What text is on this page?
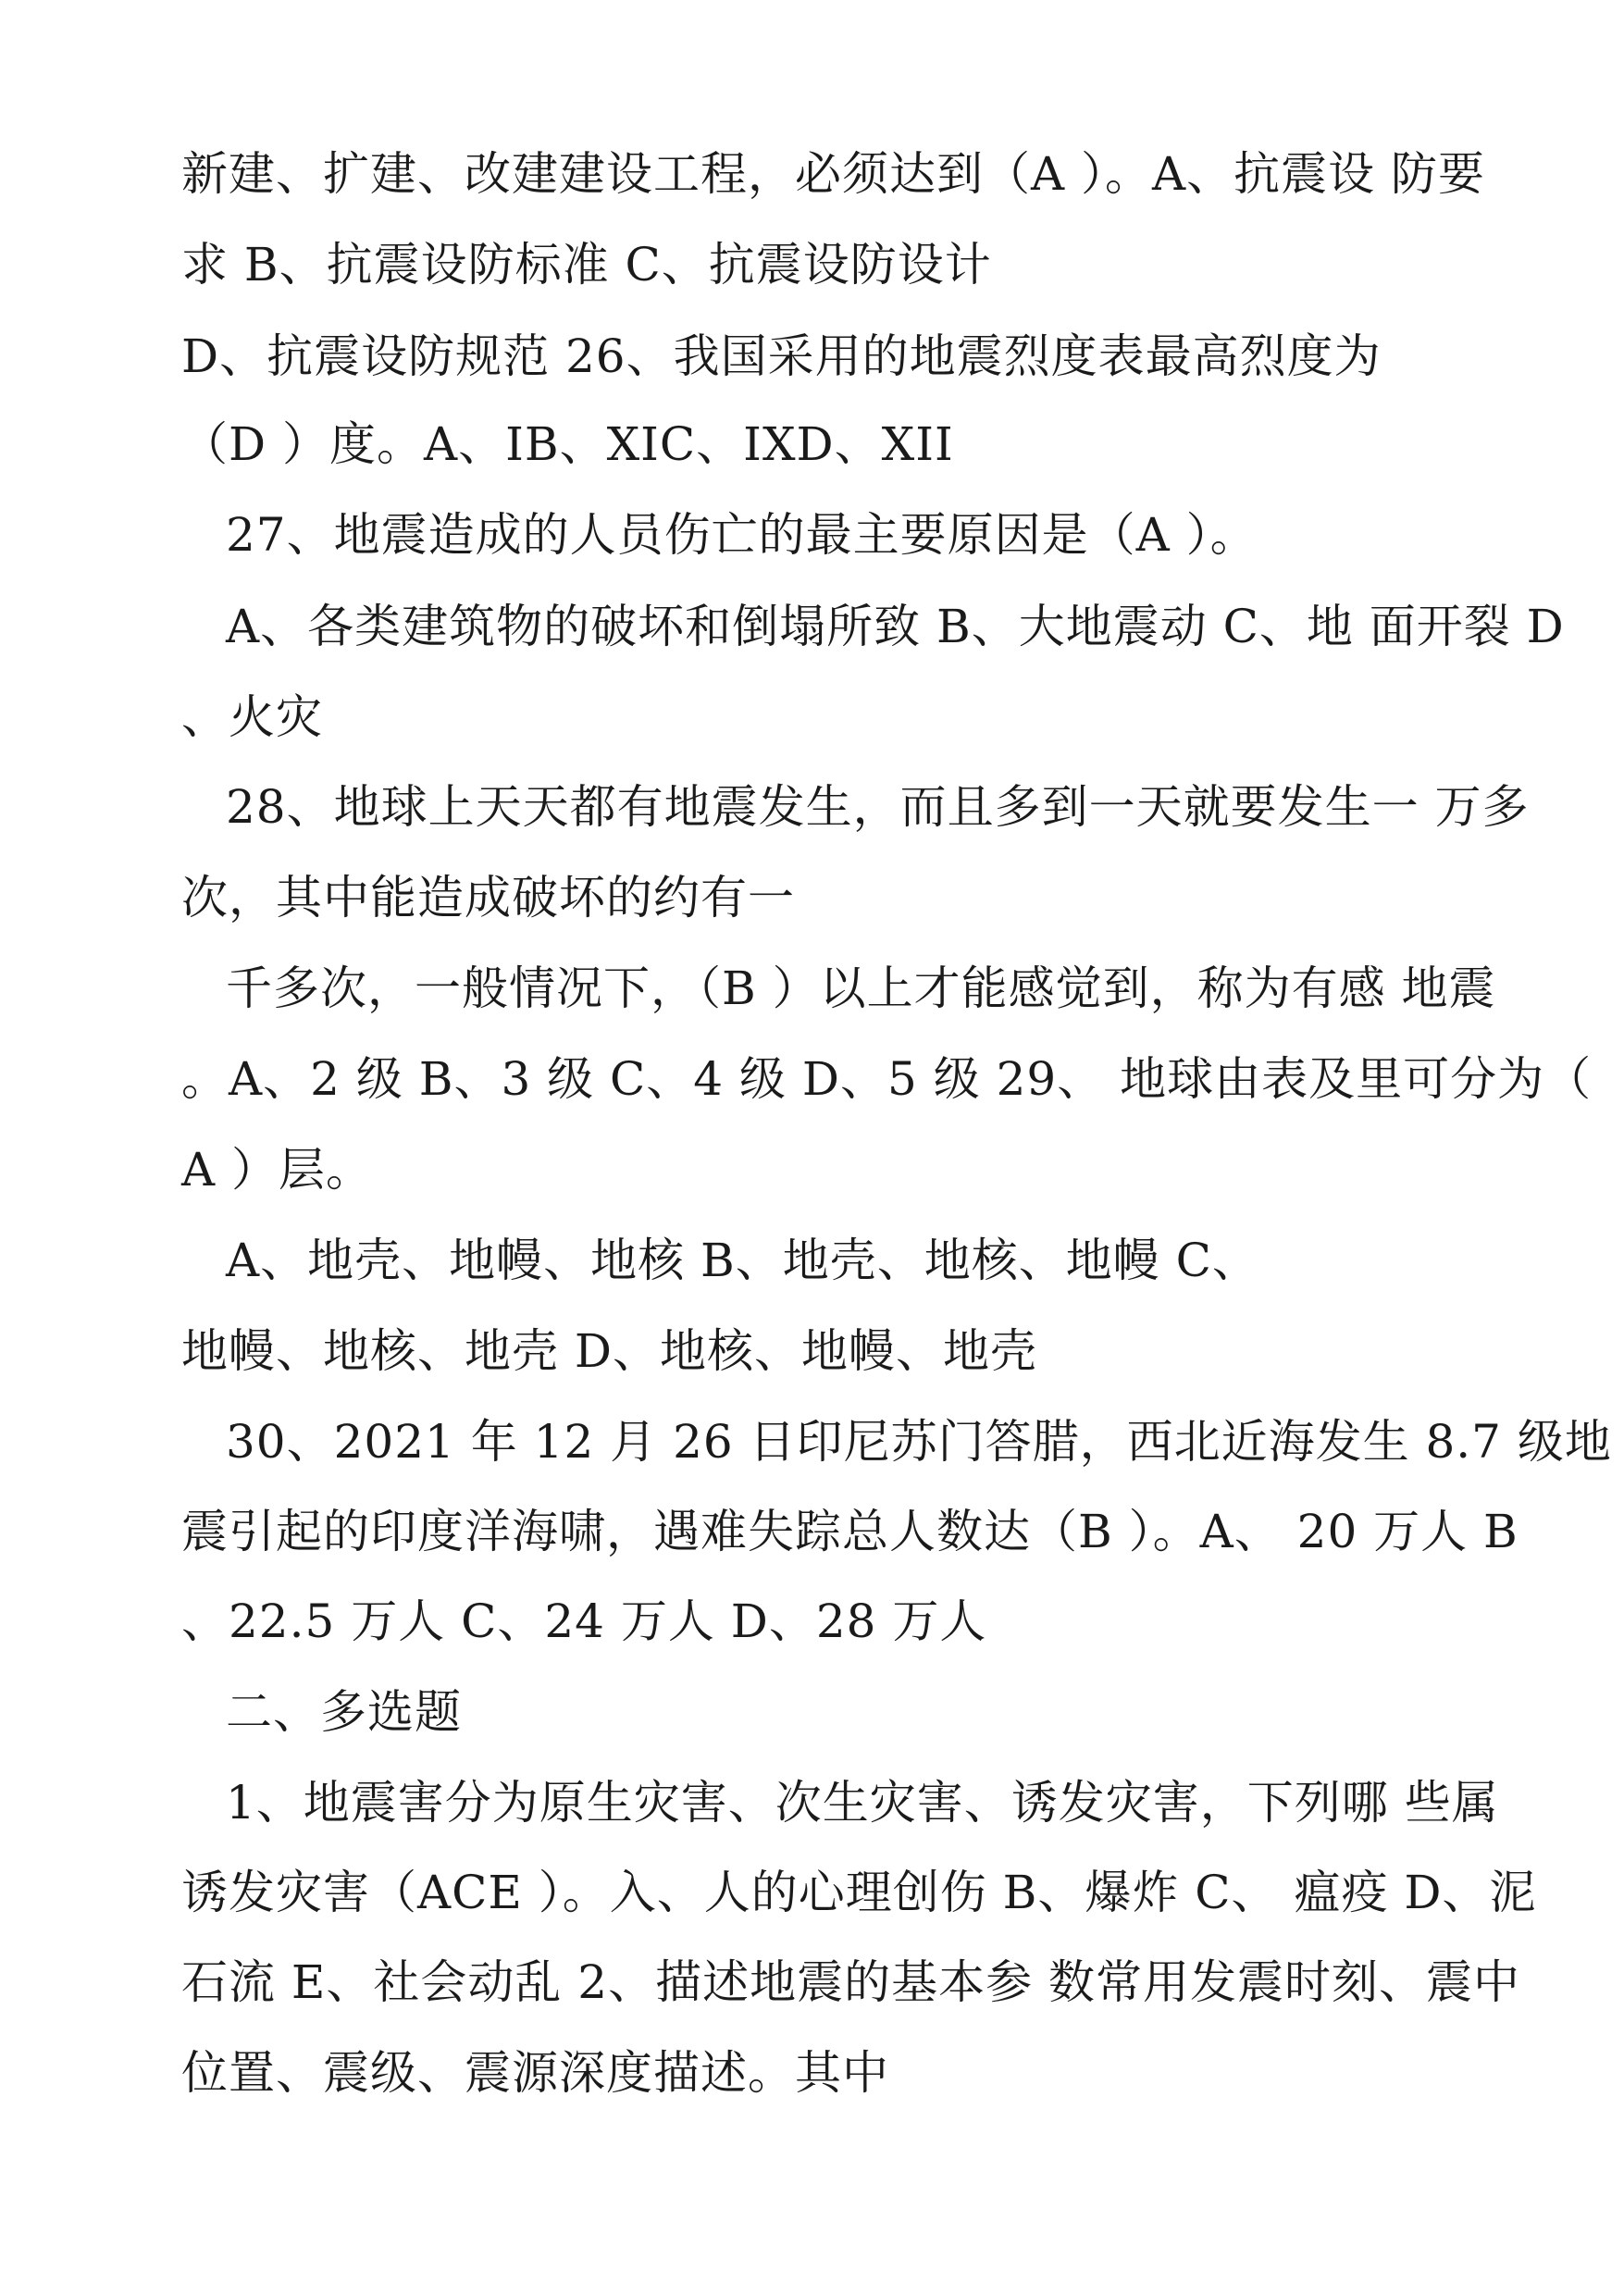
新建、扩建、改建建设工程，必须达到（A ）。A、抗震设 防要
求 B、抗震设防标准 C、抗震设防设计
D、抗震设防规范 26、我国采用的地震烈度表最高烈度为
（D ）度。A、IB、XIC、IXD、XII
27、地震造成的人员伤亡的最主要原因是（A ）。
A、各类建筑物的破坏和倒塌所致 B、大地震动 C、地 面开裂 D
、火灾
28、地球上天天都有地震发生，而且多到一天就要发生一 万多
次，其中能造成破坏的约有一
千多次，一般情况下，（B ）以上才能感觉到，称为有感 地震
。A、2 级 B、3 级 C、4 级 D、5 级 29、 地球由表及里可分为（
A ）层。
A、地壳、地幔、地核 B、地壳、地核、地幔 C、
地幔、地核、地壳 D、地核、地幔、地壳
30、2021 年 12 月 26 日印尼苏门答腊，西北近海发生 8.7 级地
震引起的印度洋海啸，遇难失踪总人数达（B ）。A、 20 万人 B
、22.5 万人 C、24 万人 D、28 万人
二、多选题
1、地震害分为原生灾害、次生灾害、诱发灾害，下列哪 些属
诱发灾害（ACE ）。入、人的心理创伤 B、爆炸 C、 瘟疫 D、泥
石流 E、社会动乱 2、描述地震的基本参 数常用发震时刻、震中
位置、震级、震源深度描述。其中
